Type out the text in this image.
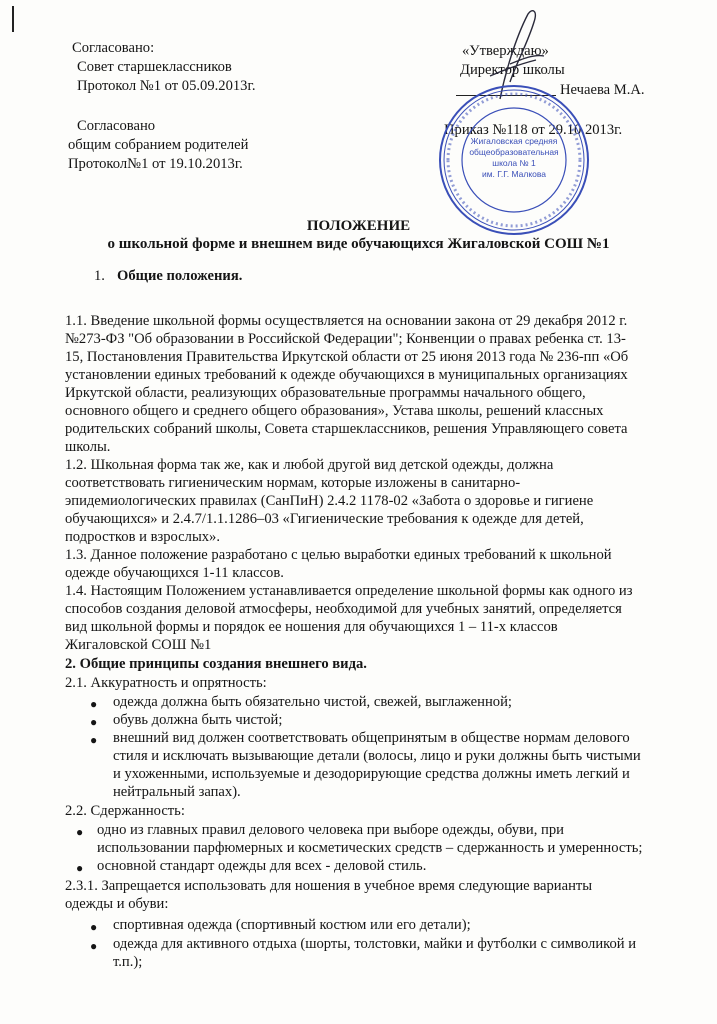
Согласовано:
Совет старшеклассников
Протокол №1 от 05.09.2013г.
Согласовано
общим собранием родителей
Протокол№1 от 19.10.2013г.
«Утверждаю»
Директор школы
Нечаева М.А.
Приказ №118 от 29.10.2013г.
Жигаловская средняя
общеобразовательная
школа № 1
им. Г.Г. Малкова
ПОЛОЖЕНИЕ
о школьной форме и внешнем виде обучающихся Жигаловской СОШ №1
1. Общие положения.
1.1. Введение школьной формы осуществляется на основании закона от 29 декабря 2012 г.
№273-ФЗ "Об образовании в Российской Федерации"; Конвенции о правах ребенка ст. 13-
15, Постановления Правительства Иркутской области от 25 июня 2013 года № 236-пп «Об
установлении единых требований к одежде обучающихся в муниципальных организациях
Иркутской области, реализующих образовательные программы начального общего,
основного общего и среднего общего образования», Устава школы, решений классных
родительских собраний школы, Совета старшеклассников, решения Управляющего совета
школы.
1.2. Школьная форма так же, как и любой другой вид детской одежды, должна
соответствовать гигиеническим нормам, которые изложены в санитарно-
эпидемиологических правилах (СанПиН) 2.4.2 1178-02 «Забота о здоровье и гигиене
обучающихся» и 2.4.7/1.1.1286–03 «Гигиенические требования к одежде для детей,
подростков и взрослых».
1.3. Данное положение разработано с целью выработки единых требований к школьной
одежде обучающихся 1-11 классов.
1.4. Настоящим Положением устанавливается определение школьной формы как одного из
способов создания деловой атмосферы, необходимой для учебных занятий, определяется
вид школьной формы и порядок ее ношения для обучающихся 1 – 11-х классов
Жигаловской СОШ №1
2. Общие принципы создания внешнего вида.
2.1. Аккуратность и опрятность:
● одежда должна быть обязательно чистой, свежей, выглаженной;
● обувь должна быть чистой;
● внешний вид должен соответствовать общепринятым в обществе нормам делового
стиля и исключать вызывающие детали (волосы, лицо и руки должны быть чистыми
и ухоженными, используемые и дезодорирующие средства должны иметь легкий и
нейтральный запах).
2.2. Сдержанность:
● одно из главных правил делового человека при выборе одежды, обуви, при
использовании парфюмерных и косметических средств – сдержанность и умеренность;
● основной стандарт одежды для всех - деловой стиль.
2.3.1. Запрещается использовать для ношения в учебное время следующие варианты
одежды и обуви:
● спортивная одежда (спортивный костюм или его детали);
● одежда для активного отдыха (шорты, толстовки, майки и футболки с символикой и
т.п.);
